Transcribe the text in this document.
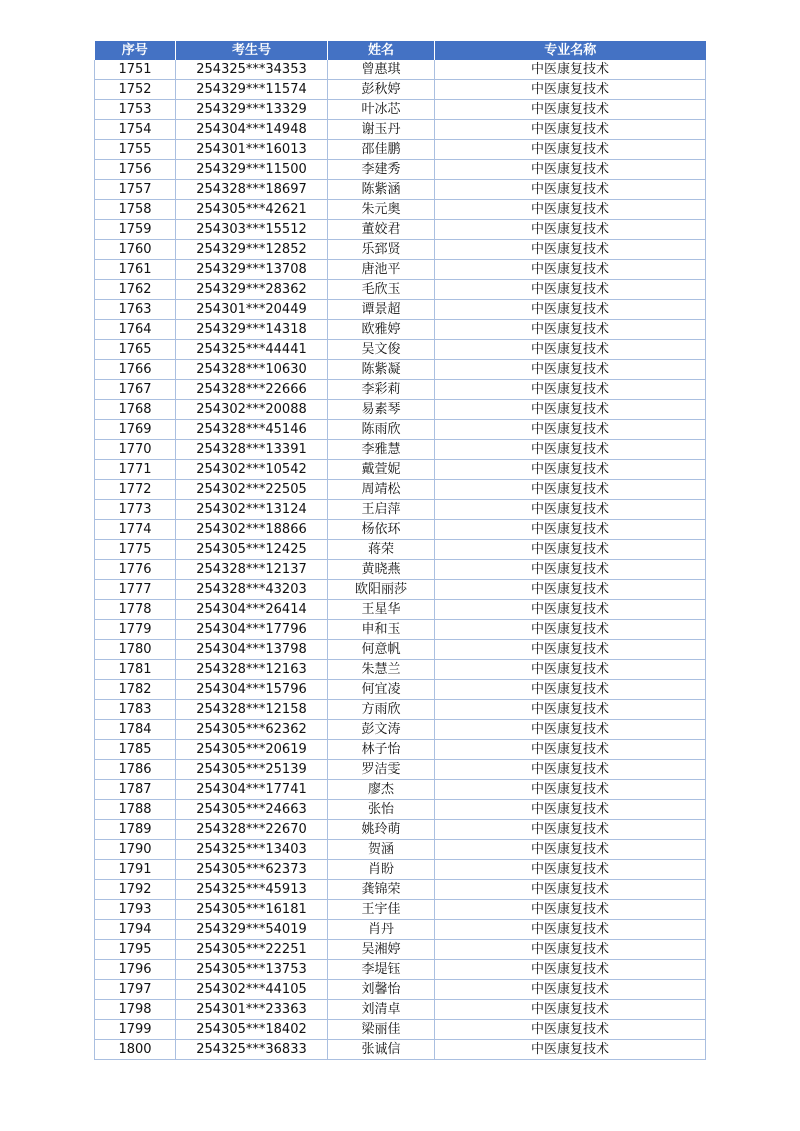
序号	考生号	姓名	专业名称
1751	254325***34353	曾惠琪	中医康复技术
1752	254329***11574	彭秋婷	中医康复技术
1753	254329***13329	叶冰芯	中医康复技术
1754	254304***14948	谢玉丹	中医康复技术
1755	254301***16013	邵佳鹏	中医康复技术
1756	254329***11500	李建秀	中医康复技术
1757	254328***18697	陈紫涵	中医康复技术
1758	254305***42621	朱元奥	中医康复技术
1759	254303***15512	董姣君	中医康复技术
1760	254329***12852	乐郅贤	中医康复技术
1761	254329***13708	唐池平	中医康复技术
1762	254329***28362	毛欣玉	中医康复技术
1763	254301***20449	谭景超	中医康复技术
1764	254329***14318	欧雅婷	中医康复技术
1765	254325***44441	吴文俊	中医康复技术
1766	254328***10630	陈紫凝	中医康复技术
1767	254328***22666	李彩莉	中医康复技术
1768	254302***20088	易素琴	中医康复技术
1769	254328***45146	陈雨欣	中医康复技术
1770	254328***13391	李雅慧	中医康复技术
1771	254302***10542	戴萱妮	中医康复技术
1772	254302***22505	周靖松	中医康复技术
1773	254302***13124	王启萍	中医康复技术
1774	254302***18866	杨依环	中医康复技术
1775	254305***12425	蒋荣	中医康复技术
1776	254328***12137	黄晓燕	中医康复技术
1777	254328***43203	欧阳丽莎	中医康复技术
1778	254304***26414	王星华	中医康复技术
1779	254304***17796	申和玉	中医康复技术
1780	254304***13798	何意帆	中医康复技术
1781	254328***12163	朱慧兰	中医康复技术
1782	254304***15796	何宜凌	中医康复技术
1783	254328***12158	方雨欣	中医康复技术
1784	254305***62362	彭文涛	中医康复技术
1785	254305***20619	林子怡	中医康复技术
1786	254305***25139	罗洁雯	中医康复技术
1787	254304***17741	廖杰	中医康复技术
1788	254305***24663	张怡	中医康复技术
1789	254328***22670	姚玲萌	中医康复技术
1790	254325***13403	贺涵	中医康复技术
1791	254305***62373	肖盼	中医康复技术
1792	254325***45913	龚锦荣	中医康复技术
1793	254305***16181	王宇佳	中医康复技术
1794	254329***54019	肖丹	中医康复技术
1795	254305***22251	吴湘婷	中医康复技术
1796	254305***13753	李堤钰	中医康复技术
1797	254302***44105	刘馨怡	中医康复技术
1798	254301***23363	刘清卓	中医康复技术
1799	254305***18402	梁丽佳	中医康复技术
1800	254325***36833	张诚信	中医康复技术
